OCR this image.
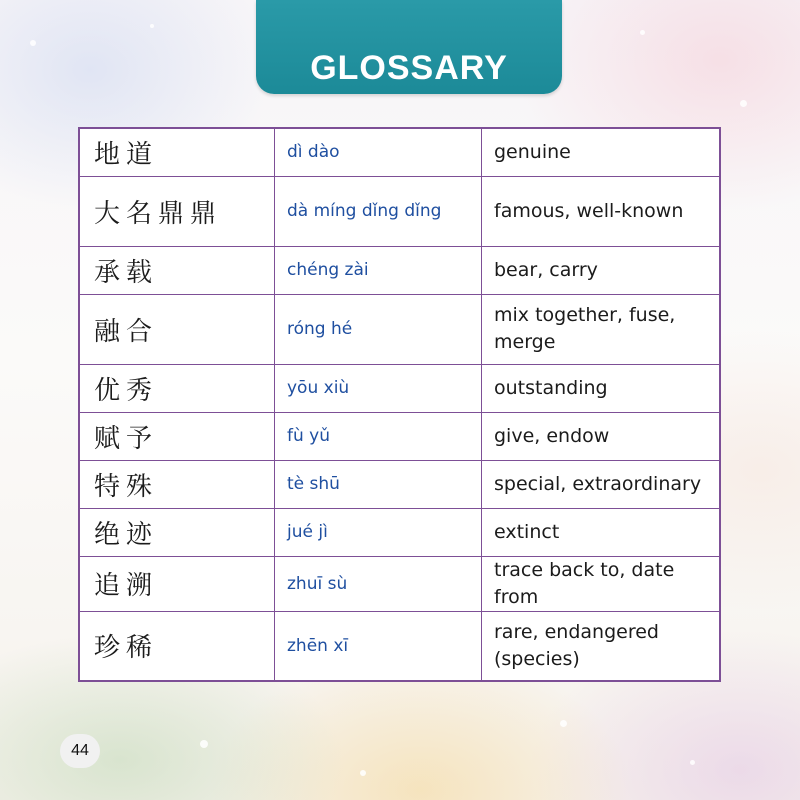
GLOSSARY
地道	dì dào	genuine
大名鼎鼎	dà míng dǐng dǐng	famous, well-known
承载	chéng zài	bear, carry
融合	róng hé	mix together, fuse, merge
优秀	yōu xiù	outstanding
赋予	fù yǔ	give, endow
特殊	tè shū	special, extraordinary
绝迹	jué jì	extinct
追溯	zhuī sù	trace back to, date from
珍稀	zhēn xī	rare, endangered (species)
44
